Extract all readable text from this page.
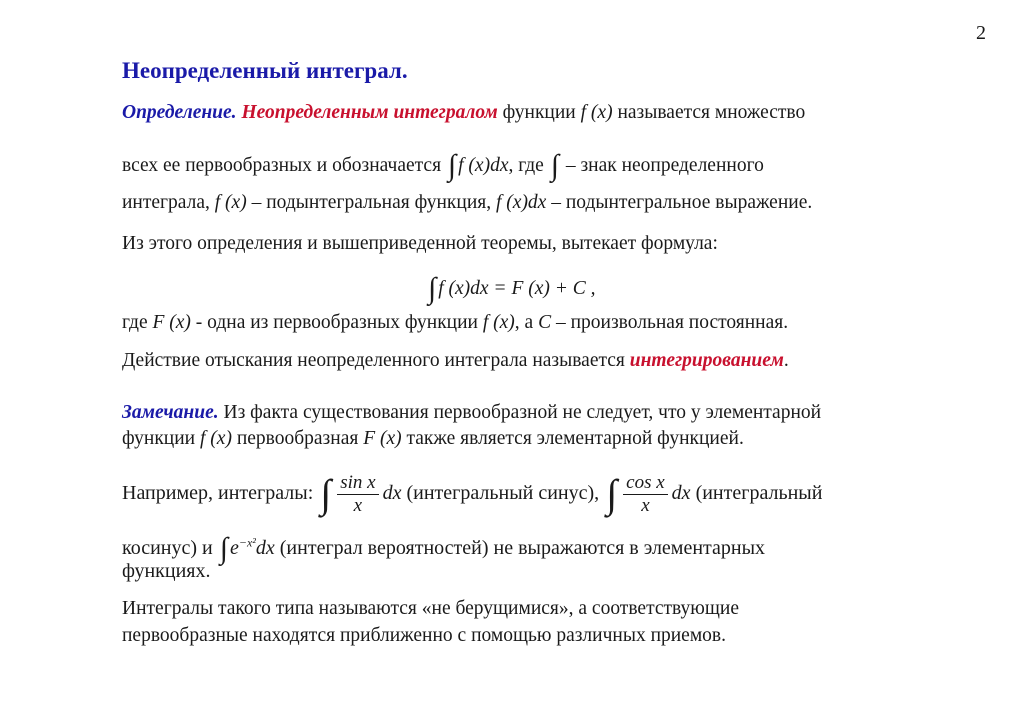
2
Неопределенный интеграл.
Определение. Неопределенным интегралом функции f (x) называется множество
всех ее первообразных и обозначается ∫ f (x)dx, где ∫ – знак неопределенного
интеграла, f (x) – подынтегральная функция, f (x)dx – подынтегральное выражение.
Из этого определения и вышеприведенной теоремы, вытекает формула:
∫ f (x)dx = F (x) + C ,
где F (x) - одна из первообразных функции f (x), а C – произвольная постоянная.
Действие отыскания неопределенного интеграла называется интегрированием.
Замечание. Из факта существования первообразной не следует, что у элементарной
функции f (x) первообразная F (x) также является элементарной функцией.
Например, интегралы: ∫ $\frac{\text{sin x}}{x}$ dx (интегральный синус), ∫ $\frac{\text{cos x}}{x}$ dx (интегральный
косинус) и ∫ $e^{-x^2}dx$ (интеграл вероятностей) не выражаются в элементарных
функциях.
Интегралы такого типа называются «не берущимися», а соответствующие
первообразные находятся приближенно с помощью различных приемов.
